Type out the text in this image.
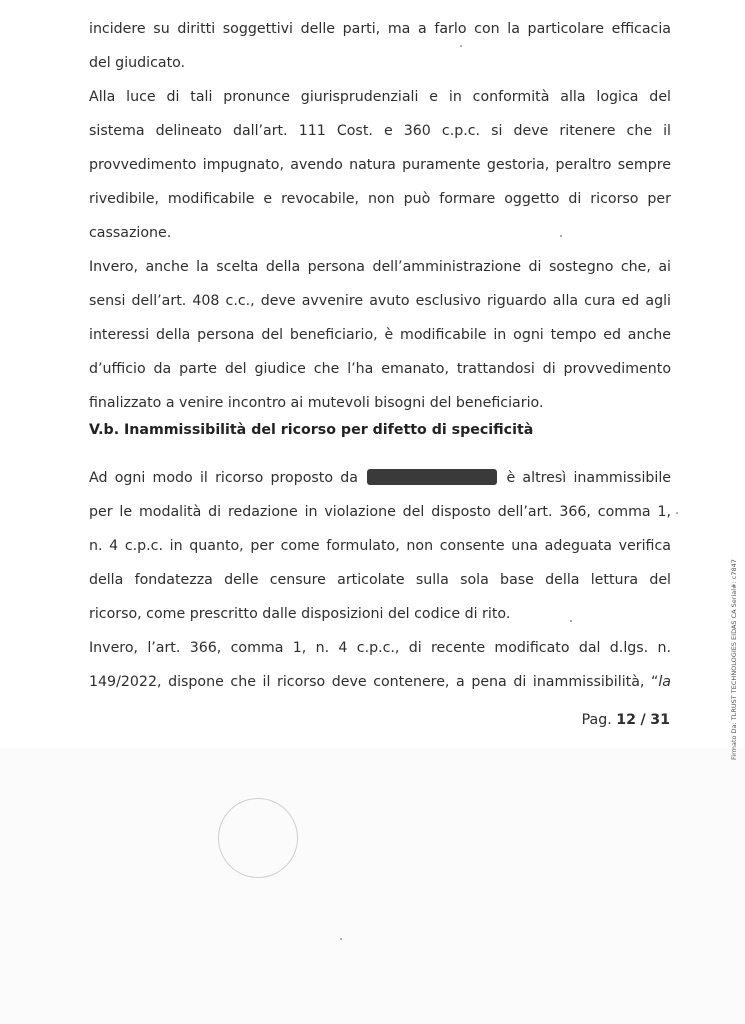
incidere su diritti soggettivi delle parti, ma a farlo con la particolare efficacia
del giudicato.
Alla luce di tali pronunce giurisprudenziali e in conformità alla logica del
sistema delineato dall’art. 111 Cost. e 360 c.p.c. si deve ritenere che il
provvedimento impugnato, avendo natura puramente gestoria, peraltro sempre
rivedibile, modificabile e revocabile, non può formare oggetto di ricorso per
cassazione.
Invero, anche la scelta della persona dell’amministrazione di sostegno che, ai
sensi dell’art. 408 c.c., deve avvenire avuto esclusivo riguardo alla cura ed agli
interessi della persona del beneficiario, è modificabile in ogni tempo ed anche
d’ufficio da parte del giudice che l’ha emanato, trattandosi di provvedimento
finalizzato a venire incontro ai mutevoli bisogni del beneficiario.
V.b. Inammissibilità del ricorso per difetto di specificità
Ad ogni modo il ricorso proposto da	è altresì inammissibile
per le modalità di redazione in violazione del disposto dell’art. 366, comma 1,
n. 4 c.p.c. in quanto, per come formulato, non consente una adeguata verifica
della fondatezza delle censure articolate sulla sola base della lettura del
ricorso, come prescritto dalle disposizioni del codice di rito.
Invero, l’art. 366, comma 1, n. 4 c.p.c., di recente modificato dal d.lgs. n.
149/2022, dispone che il ricorso deve contenere, a pena di inammissibilità, “la
Pag. 12 / 31	Firmato Da: TLRUST TECHNOLOGIES EIDAS CA Serial#: c7847
